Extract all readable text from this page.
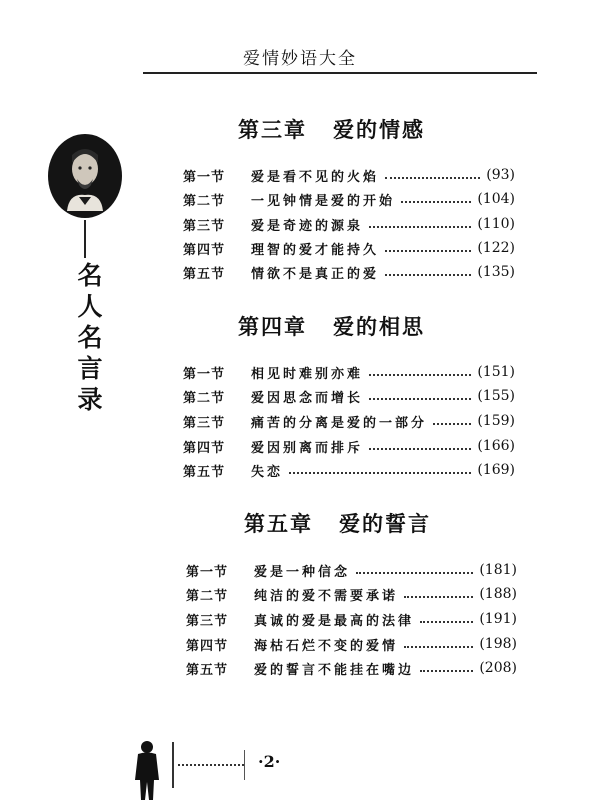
爱情妙语大全
名人名言录
第三章 爱的情感
第一节	爱是看不见的火焰	(93)
第二节	一见钟情是爱的开始	(104)
第三节	爱是奇迹的源泉	(110)
第四节	理智的爱才能持久	(122)
第五节	情欲不是真正的爱	(135)
第四章 爱的相思
第一节	相见时难别亦难	(151)
第二节	爱因思念而增长	(155)
第三节	痛苦的分离是爱的一部分	(159)
第四节	爱因别离而排斥	(166)
第五节	失恋	(169)
第五章 爱的誓言
第一节	爱是一种信念	(181)
第二节	纯洁的爱不需要承诺	(188)
第三节	真诚的爱是最高的法律	(191)
第四节	海枯石烂不变的爱情	(198)
第五节	爱的誓言不能挂在嘴边	(208)
·2·
